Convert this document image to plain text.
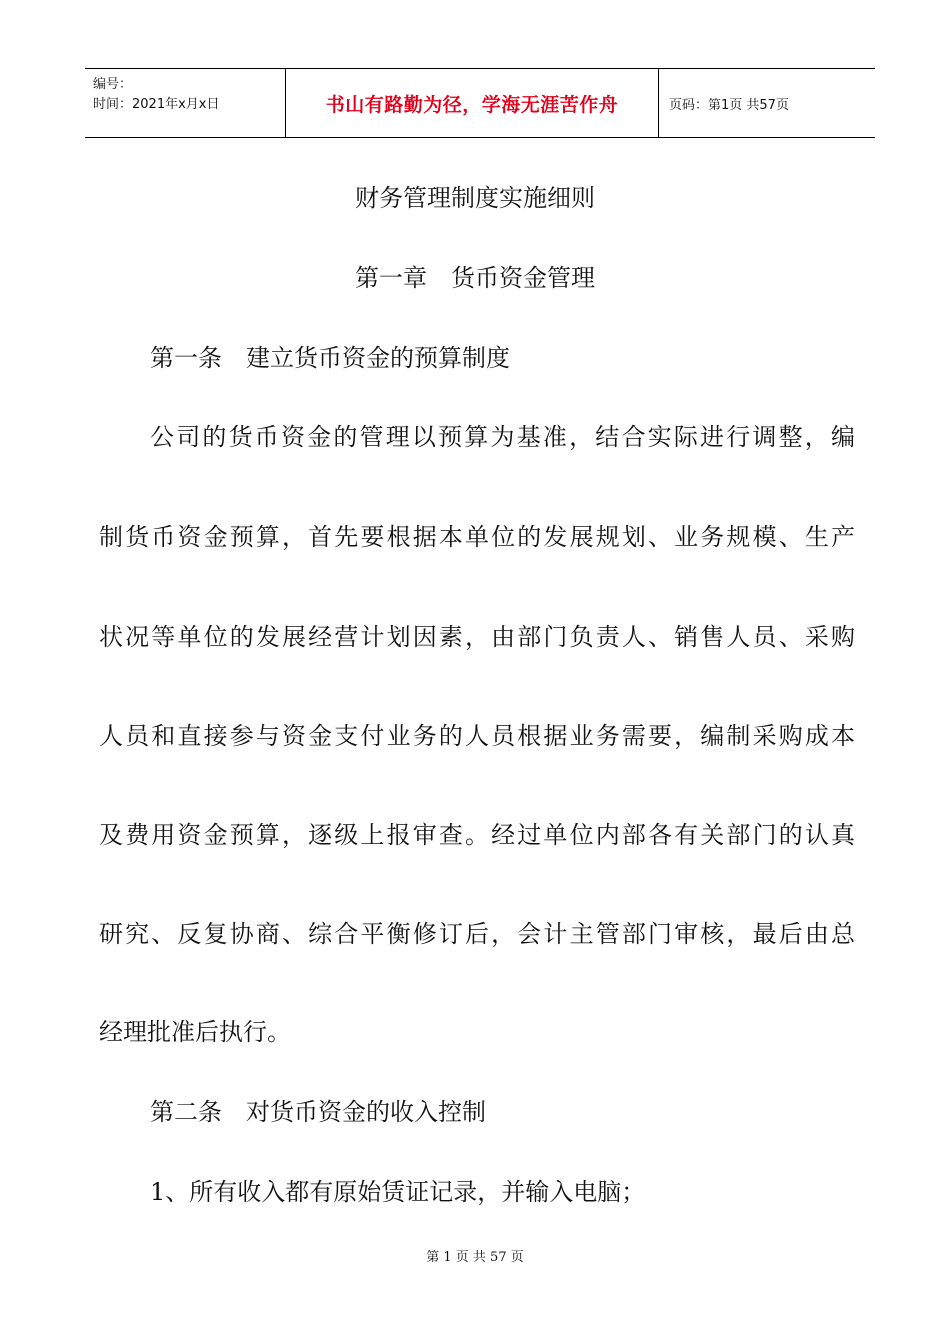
编号：
时间：2021年x月x日	书山有路勤为径，学海无涯苦作舟	页码：第1页 共57页
财务管理制度实施细则
第一章　货币资金管理

第一条　建立货币资金的预算制度

公司的货币资金的管理以预算为基准，结合实际进行调整，编

制货币资金预算，首先要根据本单位的发展规划、业务规模、生产

状况等单位的发展经营计划因素，由部门负责人、销售人员、采购

人员和直接参与资金支付业务的人员根据业务需要，编制采购成本

及费用资金预算，逐级上报审查。经过单位内部各有关部门的认真

研究、反复协商、综合平衡修订后，会计主管部门审核，最后由总

经理批准后执行。

第二条　对货币资金的收入控制

1、所有收入都有原始赁证记录，并输入电脑；

第 1 页 共 57 页
